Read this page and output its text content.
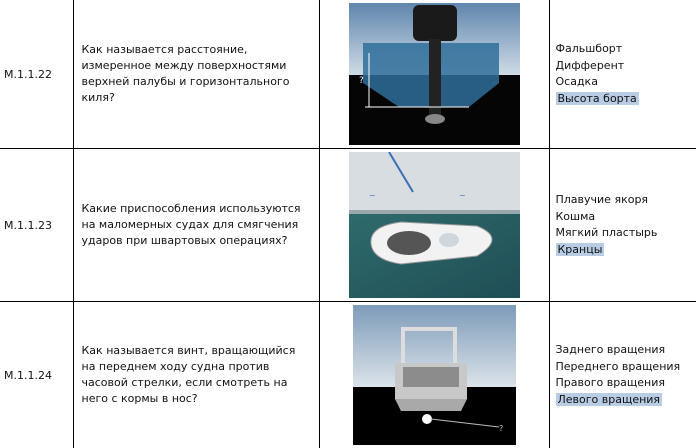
M.1.1.22	Как называется расстояние, измеренное между поверхностями верхней палубы и горизонтального киля?	?	Фальшборт
Дифферент
Осадка
Высота борта

M.1.1.23	Какие приспособления используются на маломерных судах для смягчения ударов при швартовых операциях?	~ ~	Плавучие якоря
Кошма
Мягкий пластырь
Кранцы

M.1.1.24	Как называется винт, вращающийся на переднем ходу судна против часовой стрелки, если смотреть на него с кормы в нос?	?	Заднего вращения
Переднего вращения
Правого вращения
Левого вращения
